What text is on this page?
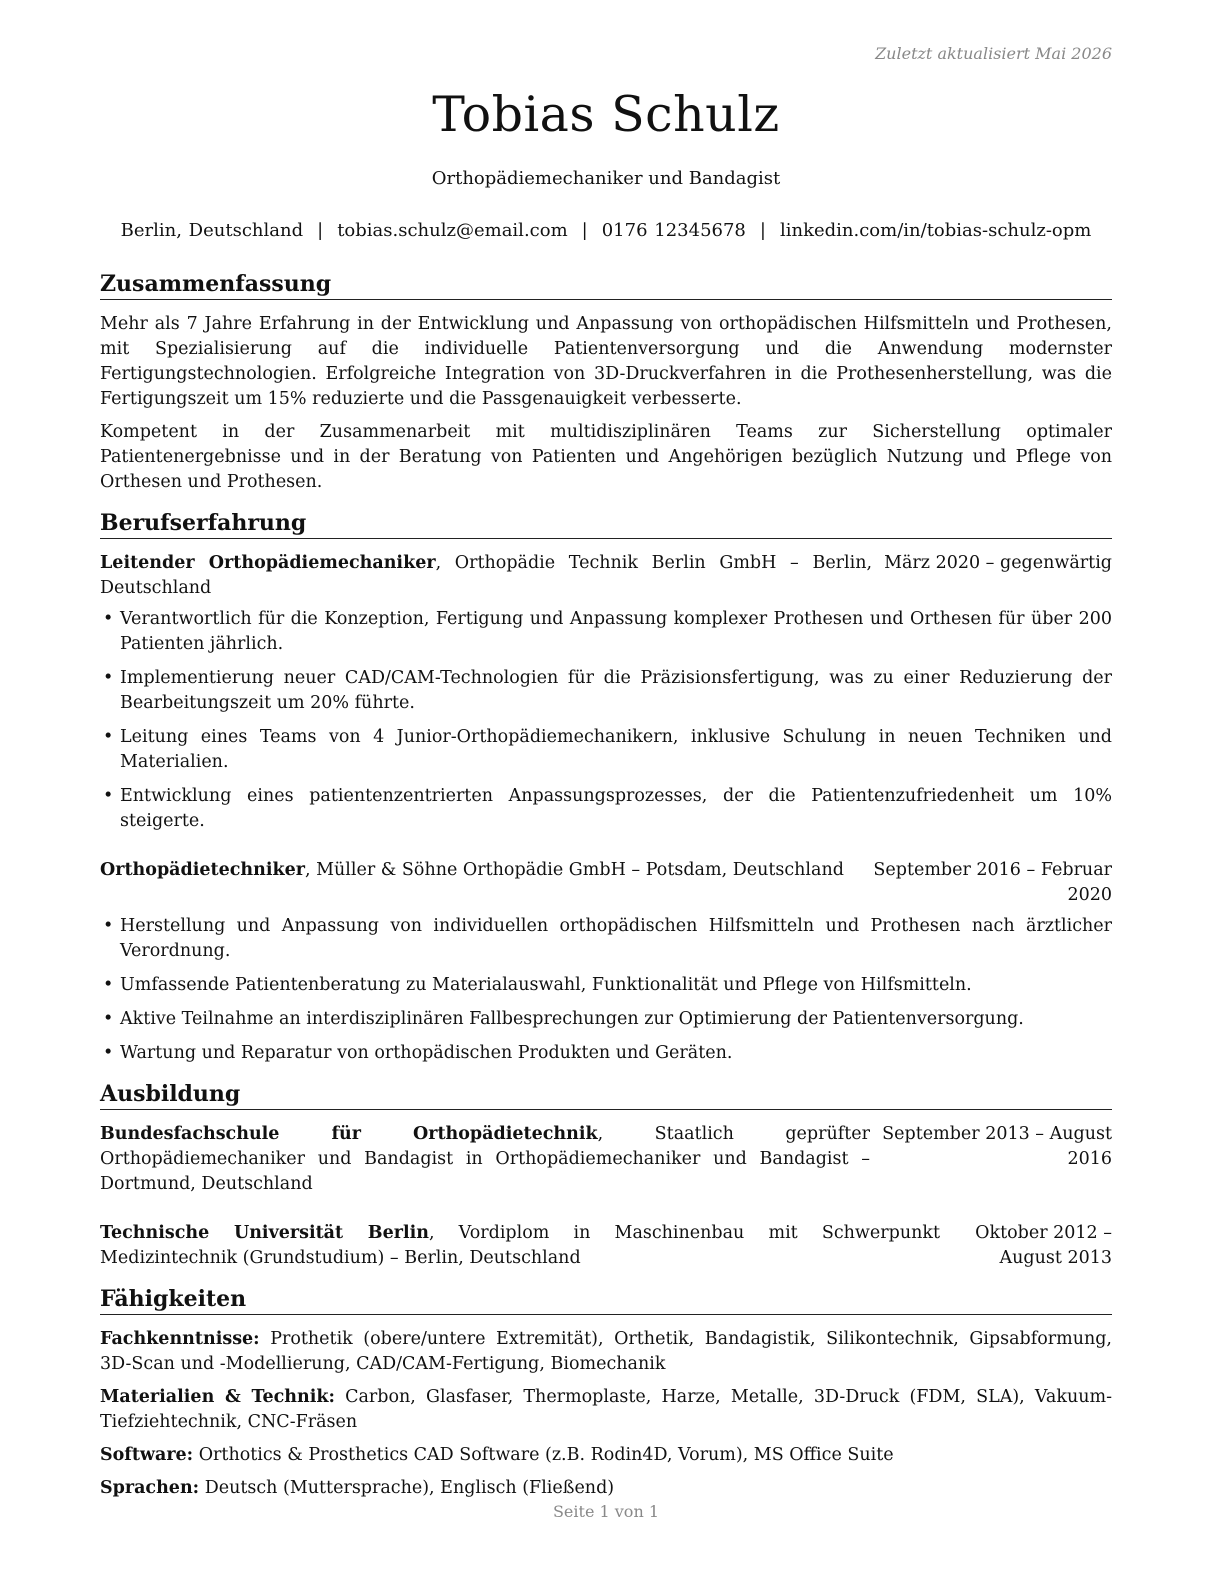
Zuletzt aktualisiert Mai 2026
Tobias Schulz
Orthopädiemechaniker und Bandagist
Berlin, Deutschland | tobias.schulz@email.com | 0176 12345678 | linkedin.com/in/tobias-schulz-opm
Zusammenfassung

Mehr als 7 Jahre Erfahrung in der Entwicklung und Anpassung von orthopädischen Hilfsmitteln und Prothesen, mit Spezialisierung auf die individuelle Patientenversorgung und die Anwendung modernster Fertigungstechnologien. Erfolgreiche Integration von 3D-Druckverfahren in die Prothesenherstellung, was die Fertigungszeit um 15% reduzierte und die Passgenauigkeit verbesserte.

Kompetent in der Zusammenarbeit mit multidisziplinären Teams zur Sicherstellung optimaler Patientenergebnisse und in der Beratung von Patienten und Angehörigen bezüglich Nutzung und Pflege von Orthesen und Prothesen.

Berufserfahrung
Leitender Orthopädiemechaniker, Orthopädie Technik Berlin GmbH – Berlin, Deutschland
März 2020 – gegenwärtig
• Verantwortlich für die Konzeption, Fertigung und Anpassung komplexer Prothesen und Orthesen für über 200 Patienten jährlich.
• Implementierung neuer CAD/CAM-Technologien für die Präzisionsfertigung, was zu einer Reduzierung der Bearbeitungszeit um 20% führte.
• Leitung eines Teams von 4 Junior-Orthopädiemechanikern, inklusive Schulung in neuen Techniken und Materialien.
• Entwicklung eines patientenzentrierten Anpassungsprozesses, der die Patientenzufriedenheit um 10% steigerte.
Orthopädietechniker, Müller & Söhne Orthopädie GmbH – Potsdam, Deutschland	September 2016 – Februar 2020
• Herstellung und Anpassung von individuellen orthopädischen Hilfsmitteln und Prothesen nach ärztlicher Verordnung.
• Umfassende Patientenberatung zu Materialauswahl, Funktionalität und Pflege von Hilfsmitteln.
• Aktive Teilnahme an interdisziplinären Fallbesprechungen zur Optimierung der Patientenversorgung.
• Wartung und Reparatur von orthopädischen Produkten und Geräten.
Ausbildung
Bundesfachschule für Orthopädietechnik, Staatlich geprüfter Orthopädiemechaniker und Bandagist in Orthopädiemechaniker und Bandagist – Dortmund, Deutschland
September 2013 – August 2016
Technische Universität Berlin, Vordiplom in Maschinenbau mit Schwerpunkt Medizintechnik (Grundstudium) – Berlin, Deutschland
Oktober 2012 – August 2013
Fähigkeiten

Fachkenntnisse: Prothetik (obere/untere Extremität), Orthetik, Bandagistik, Silikontechnik, Gipsabformung, 3D-Scan und -Modellierung, CAD/CAM-Fertigung, Biomechanik

Materialien & Technik: Carbon, Glasfaser, Thermoplaste, Harze, Metalle, 3D-Druck (FDM, SLA), Vakuum-Tiefziehtechnik, CNC-Fräsen

Software: Orthotics & Prosthetics CAD Software (z.B. Rodin4D, Vorum), MS Office Suite

Sprachen: Deutsch (Muttersprache), Englisch (Fließend)

Seite 1 von 1
